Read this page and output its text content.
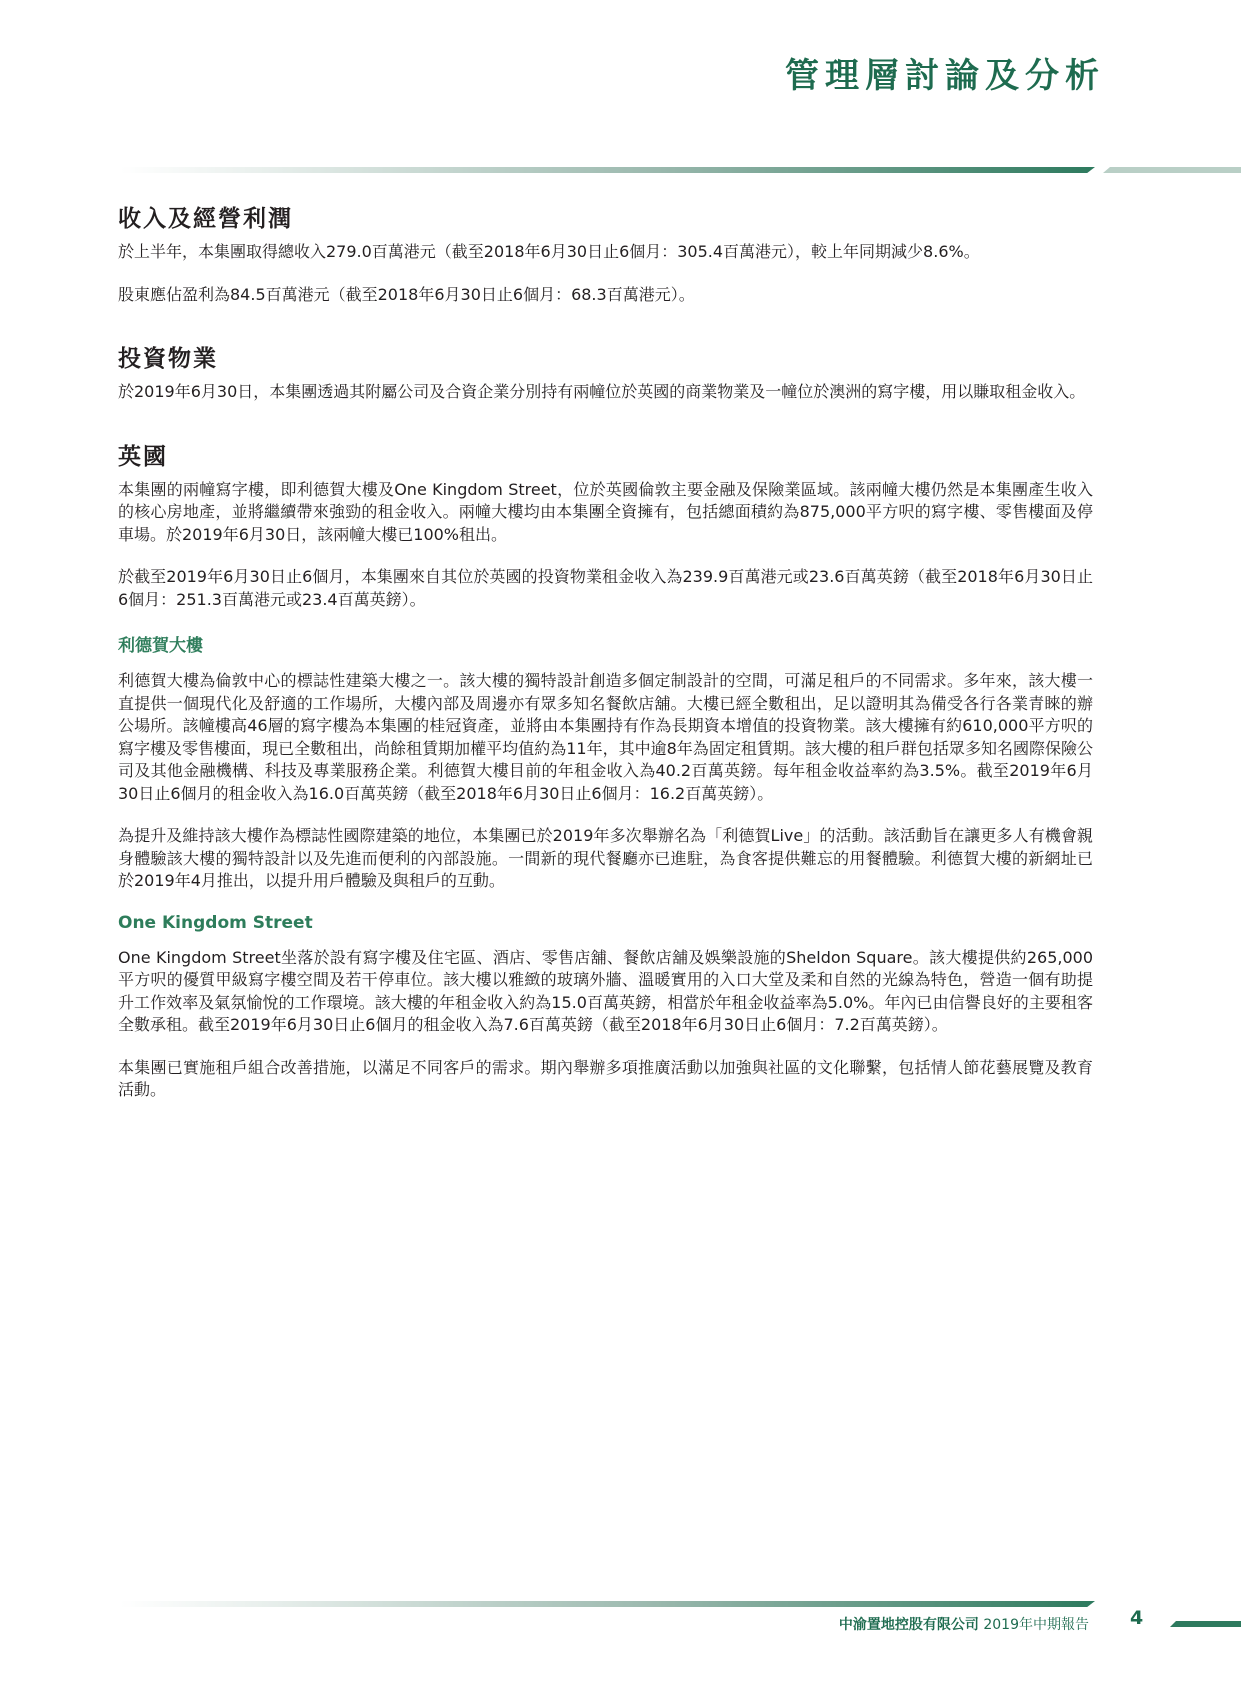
管理層討論及分析
收入及經營利潤

於上半年，本集團取得總收入279.0百萬港元（截至2018年6月30日止6個月：305.4百萬港元），較上年同期減少8.6%。

股東應佔盈利為84.5百萬港元（截至2018年6月30日止6個月：68.3百萬港元）。

投資物業

於2019年6月30日，本集團透過其附屬公司及合資企業分別持有兩幢位於英國的商業物業及一幢位於澳洲的寫字樓，用以賺取租金收入。

英國

本集團的兩幢寫字樓，即利德賀大樓及One Kingdom Street，位於英國倫敦主要金融及保險業區域。該兩幢大樓仍然是本集團產生收入的核心房地產，並將繼續帶來強勁的租金收入。兩幢大樓均由本集團全資擁有，包括總面積約為875,000平方呎的寫字樓、零售樓面及停車場。於2019年6月30日，該兩幢大樓已100%租出。

於截至2019年6月30日止6個月，本集團來自其位於英國的投資物業租金收入為239.9百萬港元或23.6百萬英鎊（截至2018年6月30日止6個月：251.3百萬港元或23.4百萬英鎊）。

利德賀大樓

利德賀大樓為倫敦中心的標誌性建築大樓之一。該大樓的獨特設計創造多個定制設計的空間，可滿足租戶的不同需求。多年來，該大樓一直提供一個現代化及舒適的工作場所，大樓內部及周邊亦有眾多知名餐飲店舖。大樓已經全數租出，足以證明其為備受各行各業青睞的辦公場所。該幢樓高46層的寫字樓為本集團的桂冠資產，並將由本集團持有作為長期資本增值的投資物業。該大樓擁有約610,000平方呎的寫字樓及零售樓面，現已全數租出，尚餘租賃期加權平均值約為11年，其中逾8年為固定租賃期。該大樓的租戶群包括眾多知名國際保險公司及其他金融機構、科技及專業服務企業。利德賀大樓目前的年租金收入為40.2百萬英鎊。每年租金收益率約為3.5%。截至2019年6月30日止6個月的租金收入為16.0百萬英鎊（截至2018年6月30日止6個月：16.2百萬英鎊）。

為提升及維持該大樓作為標誌性國際建築的地位，本集團已於2019年多次舉辦名為「利德賀Live」的活動。該活動旨在讓更多人有機會親身體驗該大樓的獨特設計以及先進而便利的內部設施。一間新的現代餐廳亦已進駐，為食客提供難忘的用餐體驗。利德賀大樓的新網址已於2019年4月推出，以提升用戶體驗及與租戶的互動。

One Kingdom Street

One Kingdom Street坐落於設有寫字樓及住宅區、酒店、零售店舖、餐飲店舖及娛樂設施的Sheldon Square。該大樓提供約265,000平方呎的優質甲級寫字樓空間及若干停車位。該大樓以雅緻的玻璃外牆、溫暖實用的入口大堂及柔和自然的光線為特色，營造一個有助提升工作效率及氣氛愉悅的工作環境。該大樓的年租金收入約為15.0百萬英鎊，相當於年租金收益率為5.0%。年內已由信譽良好的主要租客全數承租。截至2019年6月30日止6個月的租金收入為7.6百萬英鎊（截至2018年6月30日止6個月：7.2百萬英鎊）。

本集團已實施租戶組合改善措施，以滿足不同客戶的需求。期內舉辦多項推廣活動以加強與社區的文化聯繫，包括情人節花藝展覽及教育活動。

中渝置地控股有限公司 2019年中期報告 4
